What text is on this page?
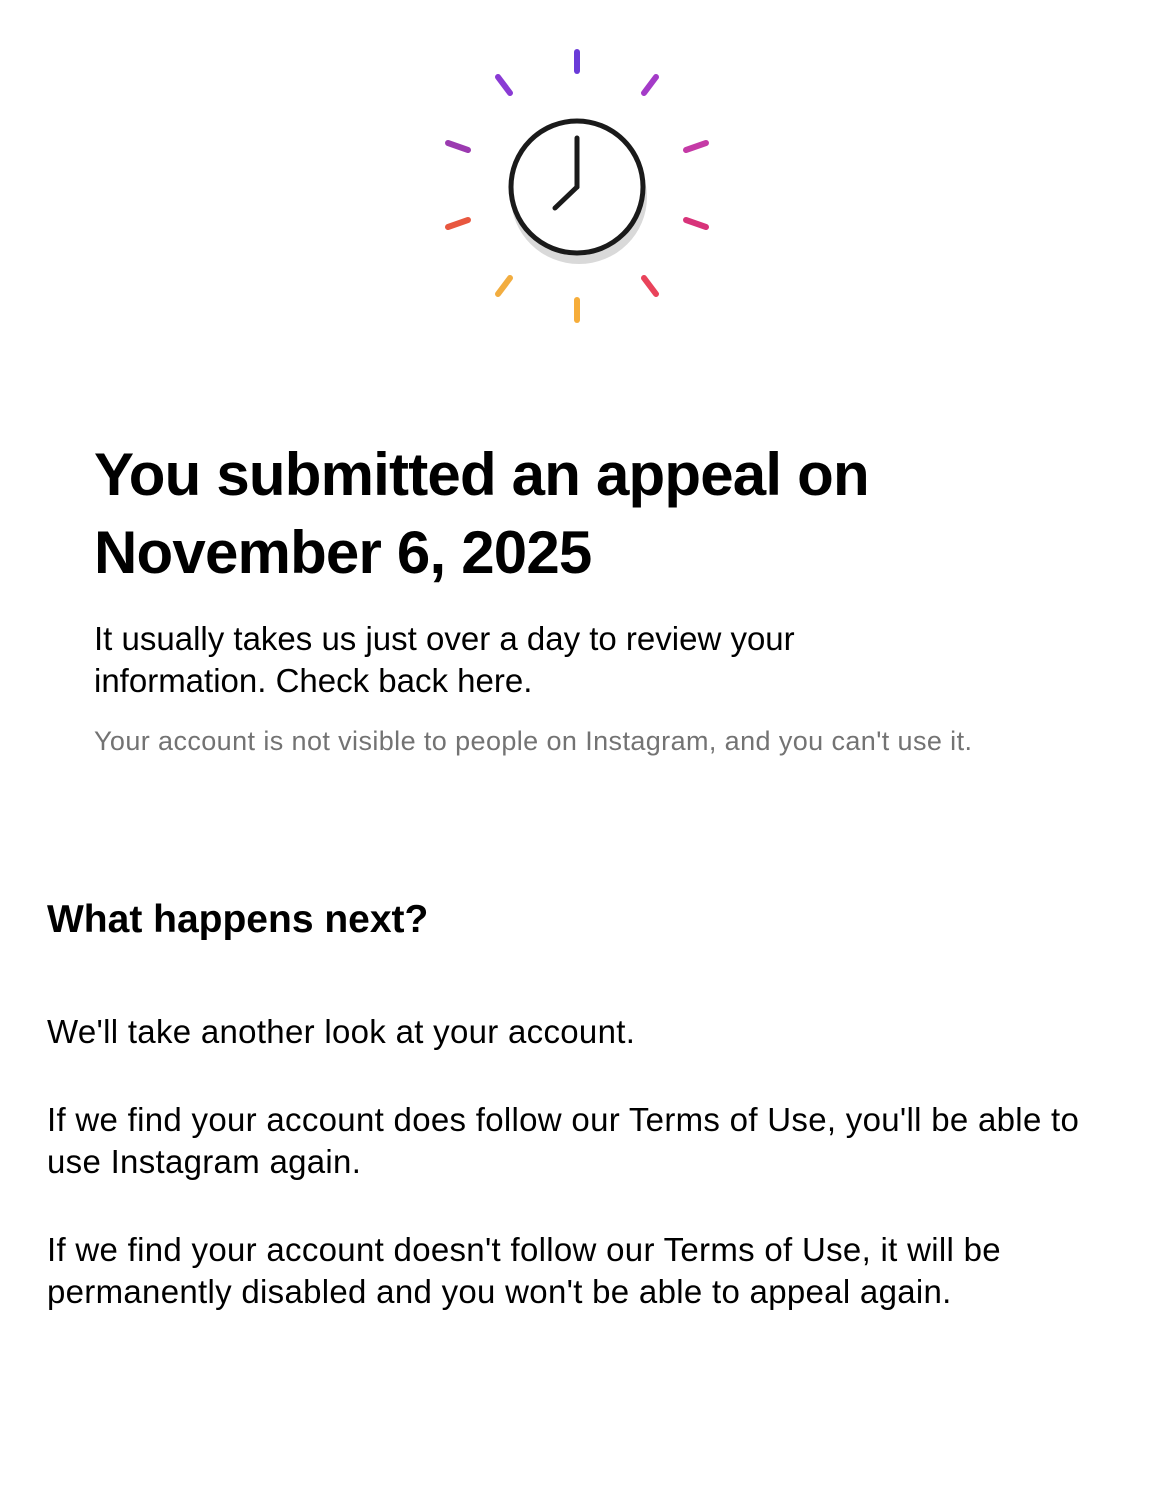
You submitted an appeal on November 6, 2025

It usually takes us just over a day to review your information. Check back here.

Your account is not visible to people on Instagram, and you can't use it.

What happens next?

We'll take another look at your account.

If we find your account does follow our Terms of Use, you'll be able to use Instagram again.

If we find your account doesn't follow our Terms of Use, it will be permanently disabled and you won't be able to appeal again.
